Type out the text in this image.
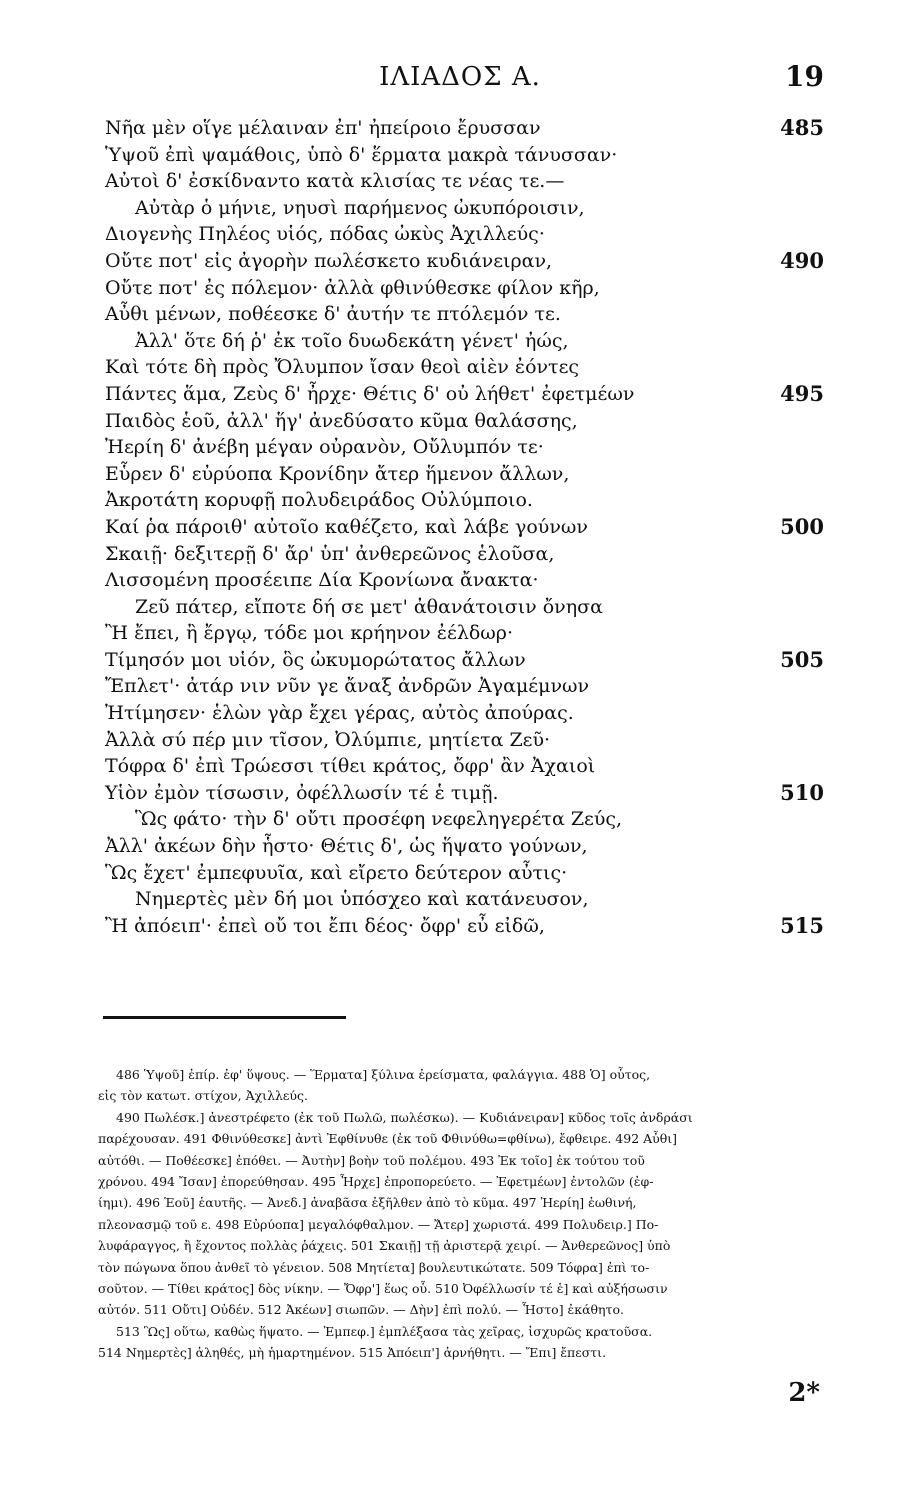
ΙΛΙΑΔΟΣ Α.	19
Νῆα μὲν οἵγε μέλαιναν ἐπ' ἠπείροιο ἔρυσσαν	485
Ὑψοῦ ἐπὶ ψαμάθοις, ὑπὸ δ' ἕρματα μακρὰ τάνυσσαν·
Αὐτοὶ δ' ἐσκίδναντο κατὰ κλισίας τε νέας τε.—
Αὐτὰρ ὁ μήνιε, νηυσὶ παρήμενος ὠκυπόροισιν,
Διογενὴς Πηλέος υἱός, πόδας ὠκὺς Ἀχιλλεύς·
Οὔτε ποτ' εἰς ἀγορὴν πωλέσκετο κυδιάνειραν,	490
Οὔτε ποτ' ἐς πόλεμον· ἀλλὰ φθινύθεσκε φίλον κῆρ,
Αὖθι μένων, ποθέεσκε δ' ἀυτήν τε πτόλεμόν τε.
Ἀλλ' ὅτε δή ῥ' ἐκ τοῖο δυωδεκάτη γένετ' ἠώς,
Καὶ τότε δὴ πρὸς Ὄλυμπον ἴσαν θεοὶ αἰὲν ἐόντες
Πάντες ἅμα, Ζεὺς δ' ἦρχε· Θέτις δ' οὐ λήθετ' ἐφετμέων	495
Παιδὸς ἑοῦ, ἀλλ' ἥγ' ἀνεδύσατο κῦμα θαλάσσης,
Ἠερίη δ' ἀνέβη μέγαν οὐρανὸν, Οὔλυμπόν τε·
Εὗρεν δ' εὐρύοπα Κρονίδην ἄτερ ἥμενον ἄλλων,
Ἀκροτάτη κορυφῇ πολυδειράδος Οὐλύμποιο.
Καί ῥα πάροιθ' αὐτοῖο καθέζετο, καὶ λάβε γούνων	500
Σκαιῇ· δεξιτερῇ δ' ἄρ' ὑπ' ἀνθερεῶνος ἑλοῦσα,
Λισσομένη προσέειπε Δία Κρονίωνα ἄνακτα·
Ζεῦ πάτερ, εἴποτε δή σε μετ' ἀθανάτοισιν ὄνησα
Ἢ ἔπει, ἢ ἔργῳ, τόδε μοι κρήηνον ἐέλδωρ·
Τίμησόν μοι υἱόν, ὃς ὠκυμορώτατος ἄλλων	505
Ἔπλετ'· ἀτάρ νιν νῦν γε ἄναξ ἀνδρῶν Ἀγαμέμνων
Ἠτίμησεν· ἑλὼν γὰρ ἔχει γέρας, αὐτὸς ἀπούρας.
Ἀλλὰ σύ πέρ μιν τῖσον, Ὀλύμπιε, μητίετα Ζεῦ·
Τόφρα δ' ἐπὶ Τρώεσσι τίθει κράτος, ὄφρ' ἂν Ἀχαιοὶ
Υἱὸν ἐμὸν τίσωσιν, ὀφέλλωσίν τέ ἑ τιμῇ.	510
Ὣς φάτο· τὴν δ' οὔτι προσέφη νεφεληγερέτα Ζεύς,
Ἀλλ' ἀκέων δὴν ἧστο· Θέτις δ', ὡς ἥψατο γούνων,
Ὣς ἔχετ' ἐμπεφυυῖα, καὶ εἴρετο δεύτερον αὖτις·
Νημερτὲς μὲν δή μοι ὑπόσχεο καὶ κατάνευσον,
Ἢ ἀπόειπ'· ἐπεὶ οὔ τοι ἔπι δέος· ὄφρ' εὖ εἰδῶ,	515
486 Ὑψοῦ] ἐπίρ. ἐφ' ὕψους. — Ἕρματα] ξύλινα ἐρείσματα, φαλάγγια. 488 Ὁ] οὗτος,
εἰς τὸν κατωτ. στίχον, Ἀχιλλεύς.
490 Πωλέσκ.] ἀνεστρέφετο (ἐκ τοῦ Πωλῶ, πωλέσκω). — Κυδιάνειραν] κῦδος τοῖς ἀνδράσι
παρέχουσαν. 491 Φθινύθεσκε] ἀντὶ Ἐφθίνυθε (ἐκ τοῦ Φθινύθω=φθίνω), ἔφθειρε. 492 Αὖθι]
αὐτόθι. — Ποθέεσκε] ἐπόθει. — Ἀυτὴν] βοὴν τοῦ πολέμου. 493 Ἐκ τοῖο] ἐκ τούτου τοῦ
χρόνου. 494 Ἴσαν] ἐπορεύθησαν. 495 Ἦρχε] ἐπροπορεύετο. — Ἐφετμέων] ἐντολῶν (ἐφ-
ίημι). 496 Ἑοῦ] ἑαυτῆς. — Ἀνεδ.] ἀναβᾶσα ἐξῆλθεν ἀπὸ τὸ κῦμα. 497 Ἠερίη] ἑωθινή,
πλεονασμῷ τοῦ ε. 498 Εὐρύοπα] μεγαλόφθαλμον. — Ἄτερ] χωριστά. 499 Πολυδειρ.] Πο-
λυφάραγγος, ἢ ἔχοντος πολλὰς ῥάχεις. 501 Σκαιῇ] τῇ ἀριστερᾷ χειρί. — Ἀνθερεῶνος] ὑπὸ
τὸν πώγωνα ὅπου ἀνθεῖ τὸ γένειον. 508 Μητίετα] βουλευτικώτατε. 509 Τόφρα] ἐπὶ το-
σοῦτον. — Τίθει κράτος] δὸς νίκην. — Ὄφρ'] ἕως οὗ. 510 Ὀφέλλωσίν τέ ἑ] καὶ αὐξήσωσιν
αὐτόν. 511 Οὔτι] Οὐδέν. 512 Ἀκέων] σιωπῶν. — Δὴν] ἐπὶ πολύ. — Ἧστο] ἐκάθητο.
513 Ὣς] οὕτω, καθὼς ἥψατο. — Ἐμπεφ.] ἐμπλέξασα τὰς χεῖρας, ἰσχυρῶς κρατοῦσα.
514 Νημερτὲς] ἀληθές, μὴ ἡμαρτημένον. 515 Ἀπόειπ'] ἀρνήθητι. — Ἔπι] ἔπεστι.
2*
